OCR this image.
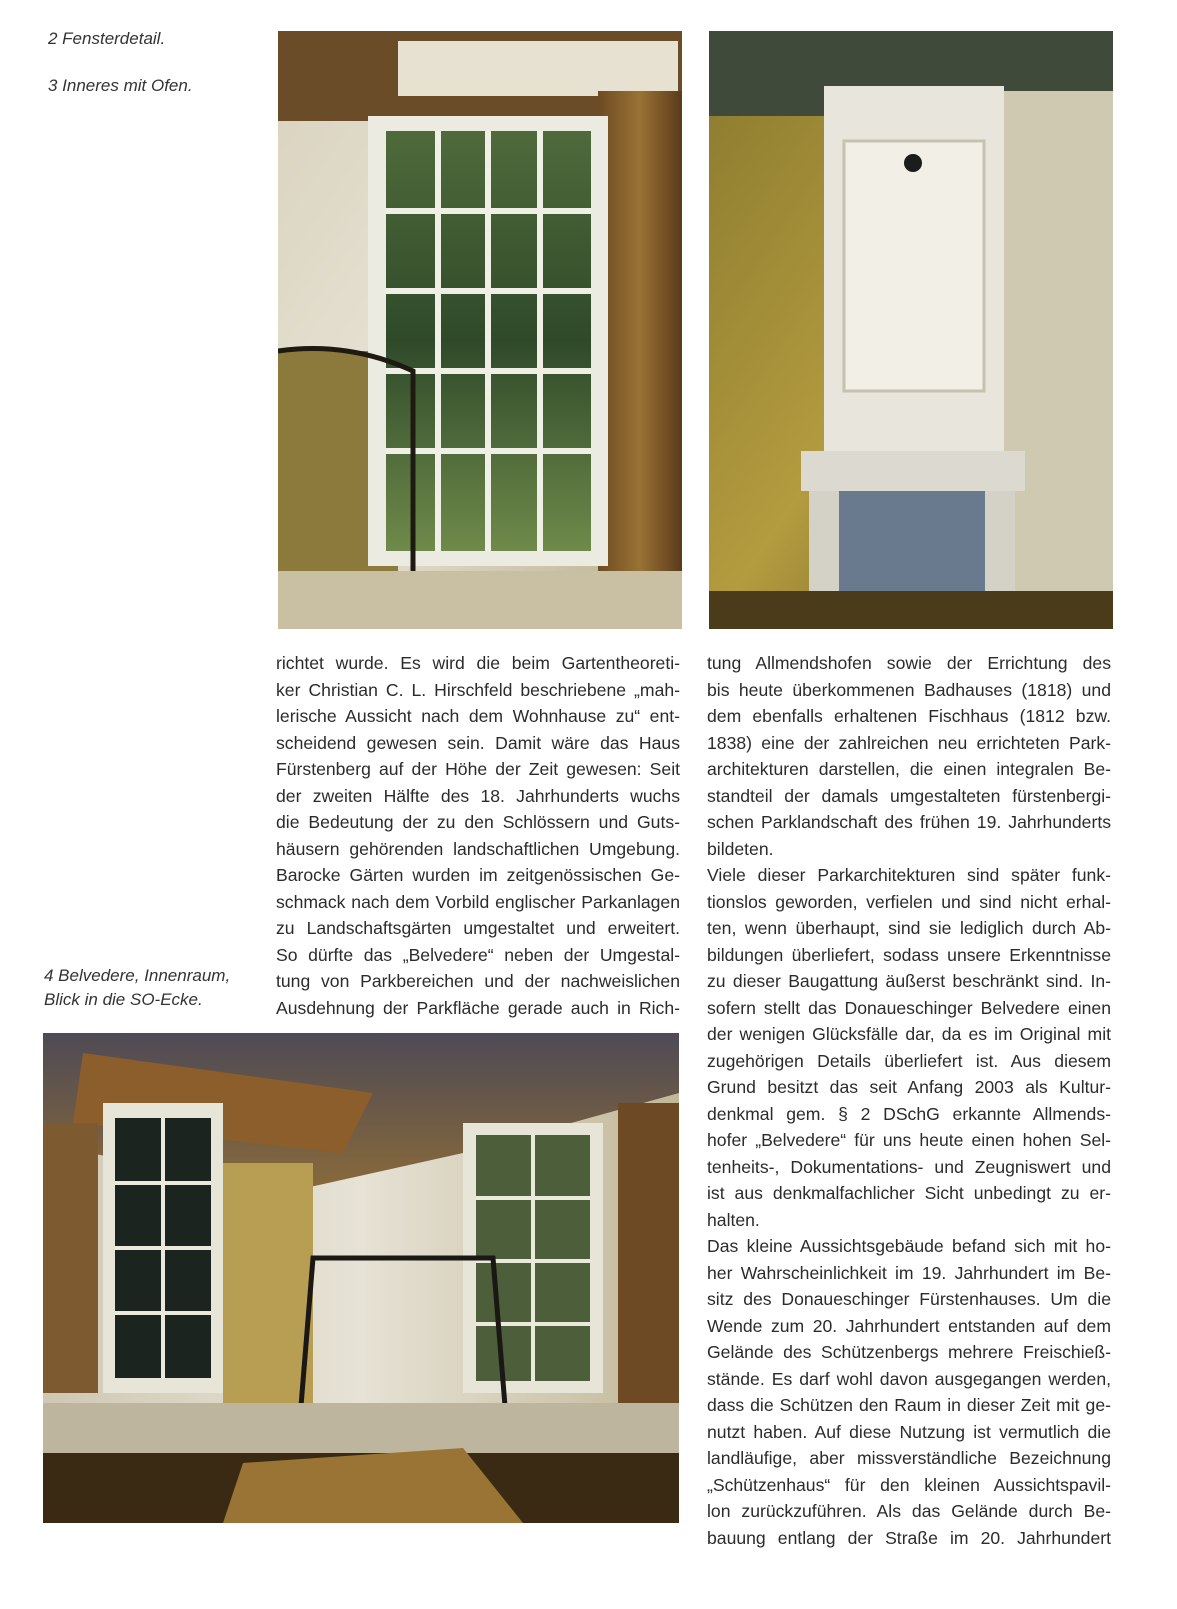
2 Fensterdetail.
3 Inneres mit Ofen.
4 Belvedere, Innenraum,
Blick in die SO-Ecke.
richtet wurde. Es wird die beim Gartentheoreti-
ker Christian C. L. Hirschfeld beschriebene „mah-
lerische Aussicht nach dem Wohnhause zu“ ent-
scheidend gewesen sein. Damit wäre das Haus
Fürstenberg auf der Höhe der Zeit gewesen: Seit
der zweiten Hälfte des 18. Jahrhunderts wuchs
die Bedeutung der zu den Schlössern und Guts-
häusern gehörenden landschaftlichen Umgebung.
Barocke Gärten wurden im zeitgenössischen Ge-
schmack nach dem Vorbild englischer Parkanlagen
zu Landschaftsgärten umgestaltet und erweitert.
So dürfte das „Belvedere“ neben der Umgestal-
tung von Parkbereichen und der nachweislichen
Ausdehnung der Parkfläche gerade auch in Rich-
tung Allmendshofen sowie der Errichtung des
bis heute überkommenen Badhauses (1818) und
dem ebenfalls erhaltenen Fischhaus (1812 bzw.
1838) eine der zahlreichen neu errichteten Park-
architekturen darstellen, die einen integralen Be-
standteil der damals umgestalteten fürstenbergi-
schen Parklandschaft des frühen 19. Jahrhunderts
bildeten.
Viele dieser Parkarchitekturen sind später funk-
tionslos geworden, verfielen und sind nicht erhal-
ten, wenn überhaupt, sind sie lediglich durch Ab-
bildungen überliefert, sodass unsere Erkenntnisse
zu dieser Baugattung äußerst beschränkt sind. In-
sofern stellt das Donaueschinger Belvedere einen
der wenigen Glücksfälle dar, da es im Original mit
zugehörigen Details überliefert ist. Aus diesem
Grund besitzt das seit Anfang 2003 als Kultur-
denkmal gem. § 2 DSchG erkannte Allmends-
hofer „Belvedere“ für uns heute einen hohen Sel-
tenheits-, Dokumentations- und Zeugniswert und
ist aus denkmalfachlicher Sicht unbedingt zu er-
halten.
Das kleine Aussichtsgebäude befand sich mit ho-
her Wahrscheinlichkeit im 19. Jahrhundert im Be-
sitz des Donaueschinger Fürstenhauses. Um die
Wende zum 20. Jahrhundert entstanden auf dem
Gelände des Schützenbergs mehrere Freischieß-
stände. Es darf wohl davon ausgegangen werden,
dass die Schützen den Raum in dieser Zeit mit ge-
nutzt haben. Auf diese Nutzung ist vermutlich die
landläufige, aber missverständliche Bezeichnung
„Schützenhaus“ für den kleinen Aussichtspavil-
lon zurückzuführen. Als das Gelände durch Be-
bauung entlang der Straße im 20. Jahrhundert
